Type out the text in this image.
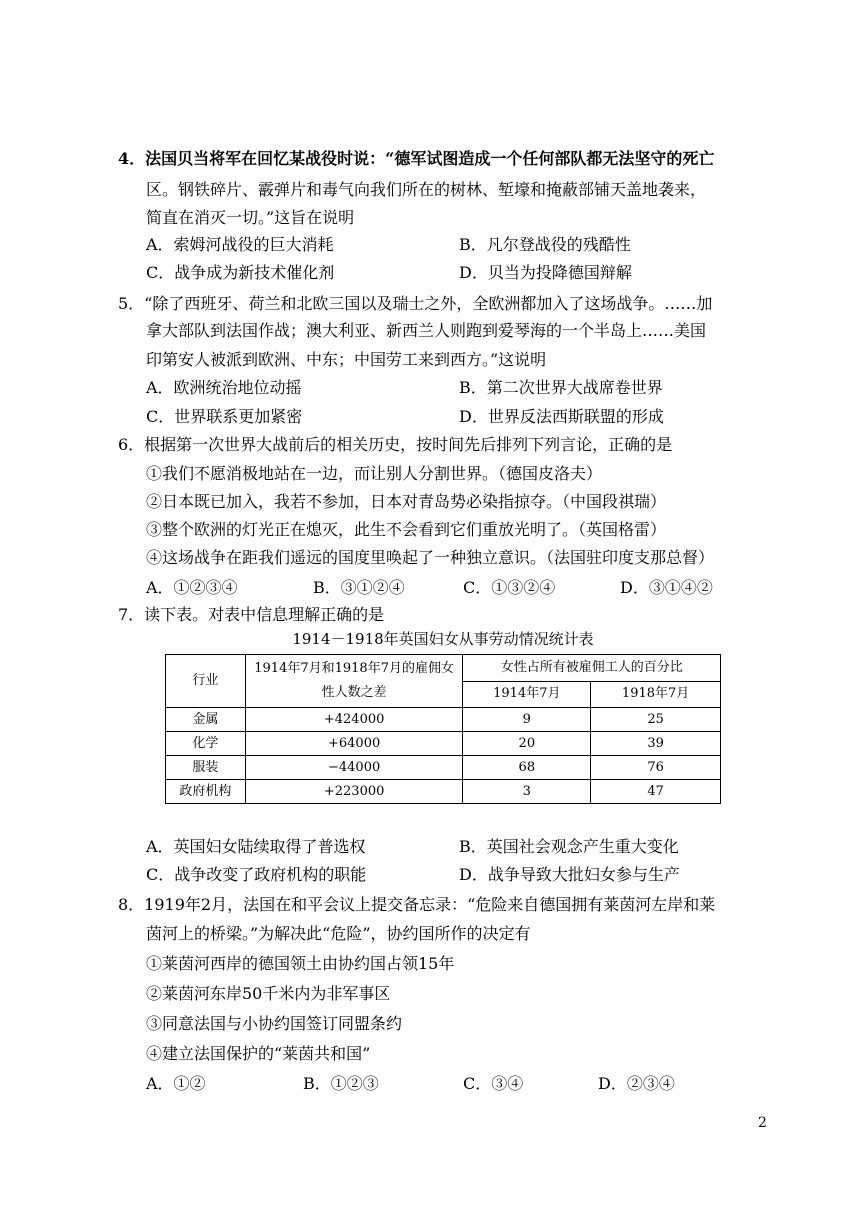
4．法国贝当将军在回忆某战役时说：“德军试图造成一个任何部队都无法坚守的死亡
区。钢铁碎片、霰弹片和毒气向我们所在的树林、堑壕和掩蔽部铺天盖地袭来，
简直在消灭一切。”这旨在说明
A．索姆河战役的巨大消耗	B．凡尔登战役的残酷性
C．战争成为新技术催化剂	D．贝当为投降德国辩解
5．“除了西班牙、荷兰和北欧三国以及瑞士之外，全欧洲都加入了这场战争。……加
拿大部队到法国作战；澳大利亚、新西兰人则跑到爱琴海的一个半岛上……美国
印第安人被派到欧洲、中东；中国劳工来到西方。”这说明
A．欧洲统治地位动摇	B．第二次世界大战席卷世界
C．世界联系更加紧密	D．世界反法西斯联盟的形成
6．根据第一次世界大战前后的相关历史，按时间先后排列下列言论，正确的是
①我们不愿消极地站在一边，而让别人分割世界。（德国皮洛夫）
②日本既已加入，我若不参加，日本对青岛势必染指掠夺。（中国段祺瑞）
③整个欧洲的灯光正在熄灭，此生不会看到它们重放光明了。（英国格雷）
④这场战争在距我们遥远的国度里唤起了一种独立意识。（法国驻印度支那总督）
A．①②③④	B．③①②④	C．①③②④	D．③①④②
7．读下表。对表中信息理解正确的是
1914－1918年英国妇女从事劳动情况统计表
行业	1914年7月和1918年7月的雇佣女性人数之差	女性占所有被雇佣工人的百分比	
		1914年7月	1918年7月
金属	+424000	9	25
化学	+64000	20	39
服装	−44000	68	76
政府机构	+223000	3	47
A．英国妇女陆续取得了普选权	B．英国社会观念产生重大变化
C．战争改变了政府机构的职能	D．战争导致大批妇女参与生产
8．1919年2月，法国在和平会议上提交备忘录：“危险来自德国拥有莱茵河左岸和莱
茵河上的桥梁。”为解决此“危险”，协约国所作的决定有
①莱茵河西岸的德国领土由协约国占领15年
②莱茵河东岸50千米内为非军事区
③同意法国与小协约国签订同盟条约
④建立法国保护的“莱茵共和国”
A．①②	B．①②③	C．③④	D．②③④
2
